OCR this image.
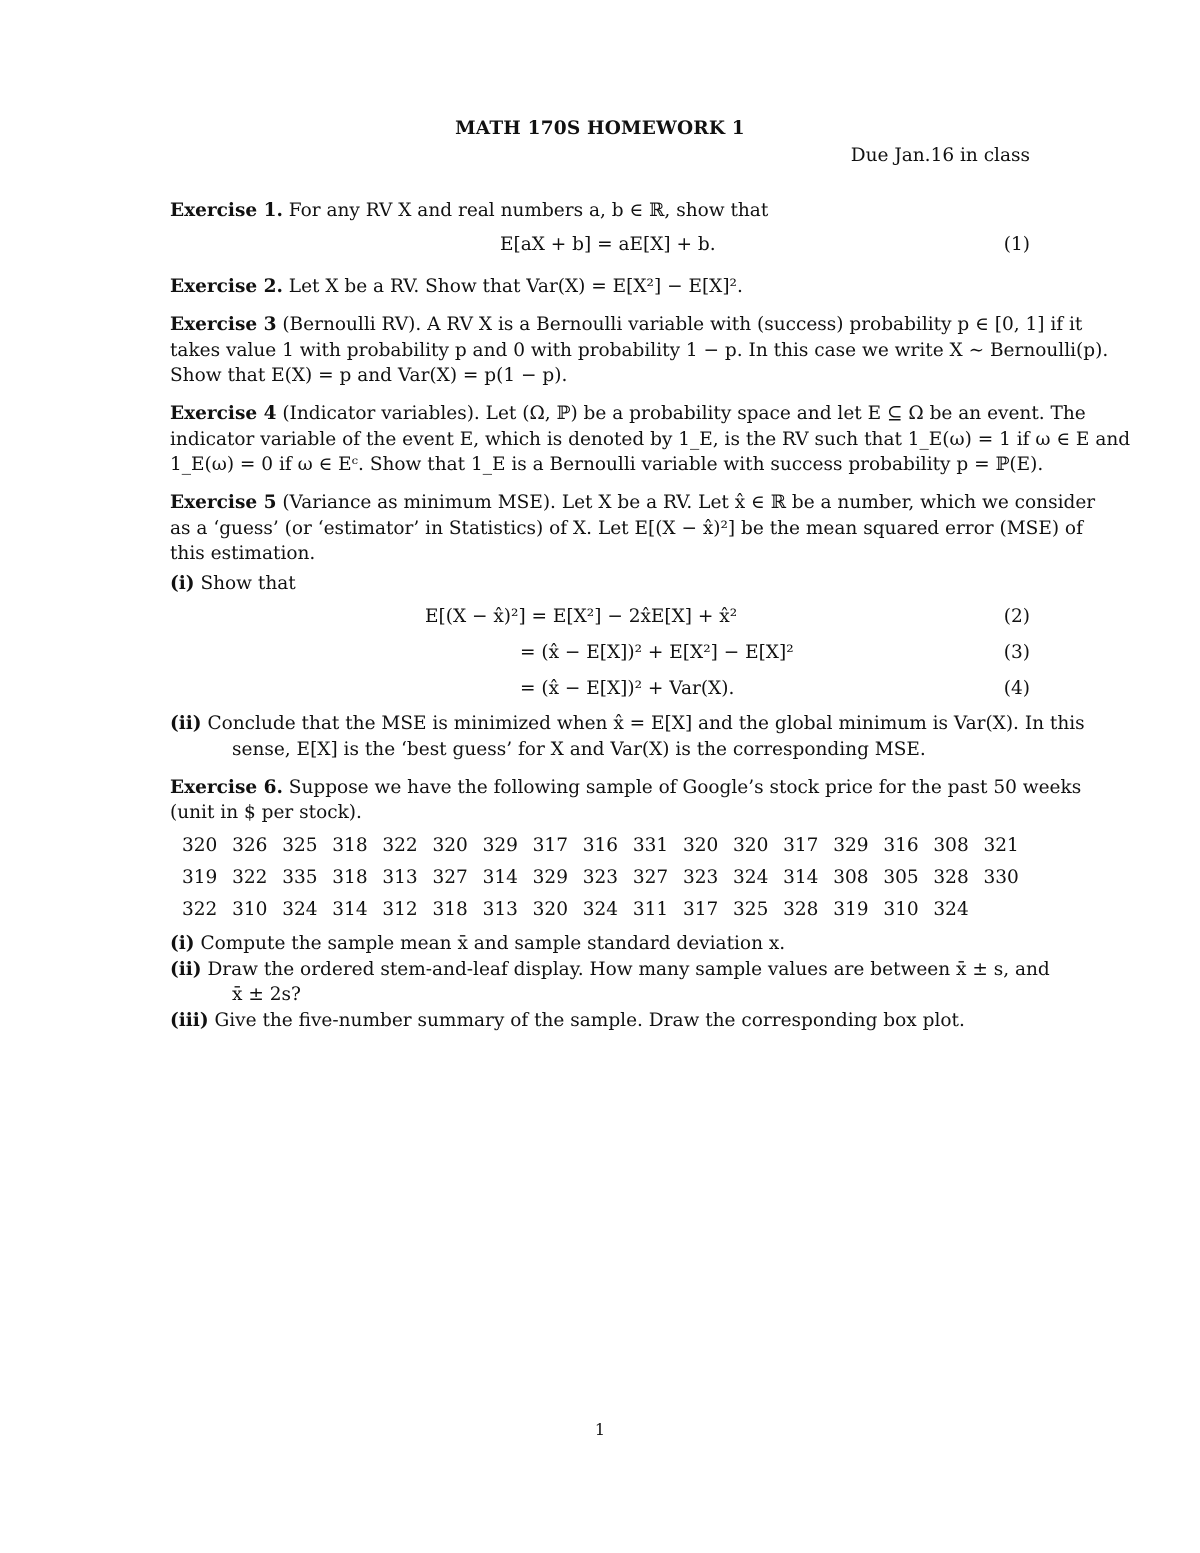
MATH 170S HOMEWORK 1
Due Jan.16 in class
Exercise 1. For any RV X and real numbers a, b ∈ ℝ, show that
E[aX + b] = aE[X] + b.	(1)
Exercise 2. Let X be a RV. Show that Var(X) = E[X²] − E[X]².
Exercise 3 (Bernoulli RV). A RV X is a Bernoulli variable with (success) probability p ∈ [0, 1] if it
takes value 1 with probability p and 0 with probability 1 − p. In this case we write X ∼ Bernoulli(p).
Show that E(X) = p and Var(X) = p(1 − p).
Exercise 4 (Indicator variables). Let (Ω, ℙ) be a probability space and let E ⊆ Ω be an event. The
indicator variable of the event E, which is denoted by 1_E, is the RV such that 1_E(ω) = 1 if ω ∈ E and
1_E(ω) = 0 if ω ∈ Eᶜ. Show that 1_E is a Bernoulli variable with success probability p = ℙ(E).
Exercise 5 (Variance as minimum MSE). Let X be a RV. Let x̂ ∈ ℝ be a number, which we consider
as a ‘guess’ (or ‘estimator’ in Statistics) of X. Let E[(X − x̂)²] be the mean squared error (MSE) of
this estimation.
(i) Show that
E[(X − x̂)²] = E[X²] − 2x̂E[X] + x̂²	(2)
= (x̂ − E[X])² + E[X²] − E[X]²	(3)
= (x̂ − E[X])² + Var(X).	(4)
(ii) Conclude that the MSE is minimized when x̂ = E[X] and the global minimum is Var(X). In this
sense, E[X] is the ‘best guess’ for X and Var(X) is the corresponding MSE.
Exercise 6. Suppose we have the following sample of Google’s stock price for the past 50 weeks
(unit in $ per stock).
320 326 325 318 322 320 329 317 316 331 320 320 317 329 316 308 321
319 322 335 318 313 327 314 329 323 327 323 324 314 308 305 328 330
322 310 324 314 312 318 313 320 324 311 317 325 328 319 310 324
(i) Compute the sample mean x̄ and sample standard deviation x.
(ii) Draw the ordered stem-and-leaf display. How many sample values are between x̄ ± s, and
x̄ ± 2s?
(iii) Give the five-number summary of the sample. Draw the corresponding box plot.
1
